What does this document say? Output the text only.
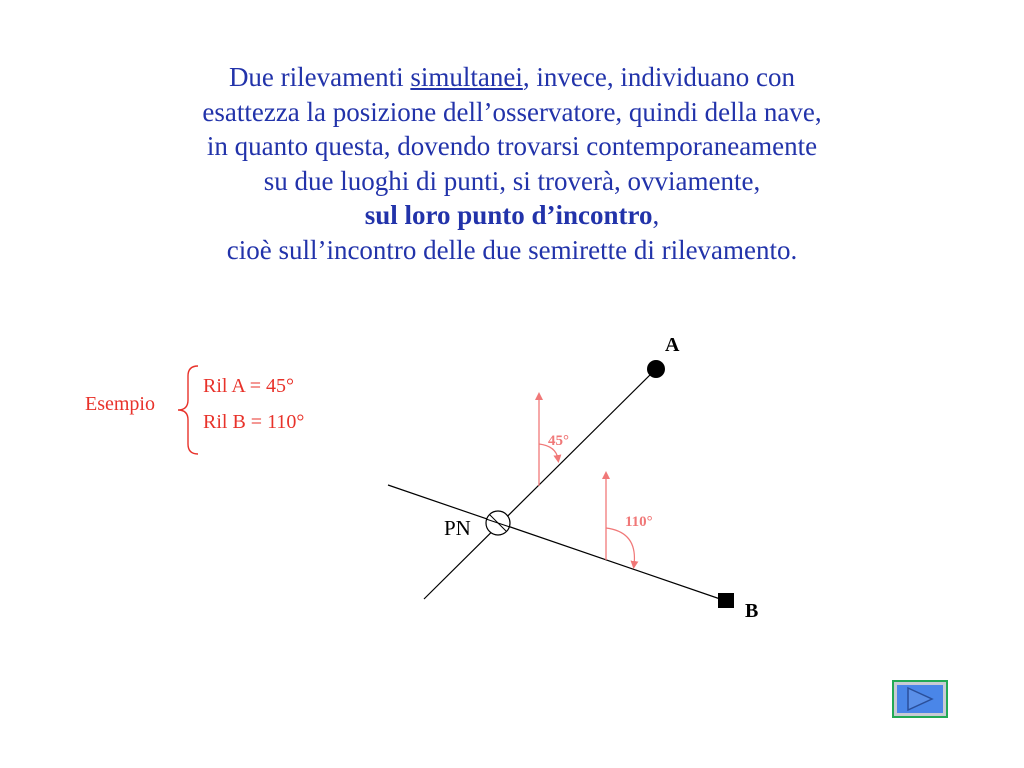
Due rilevamenti simultanei, invece, individuano con
esattezza la posizione dell’osservatore, quindi della nave,
in quanto questa, dovendo trovarsi contemporaneamente
su due luoghi di punti, si troverà, ovviamente,
sul loro punto d’incontro,
cioè sull’incontro delle due semirette di rilevamento.
Esempio
Ril A = 45°
Ril B = 110°
A
B
PN
45°
110°
